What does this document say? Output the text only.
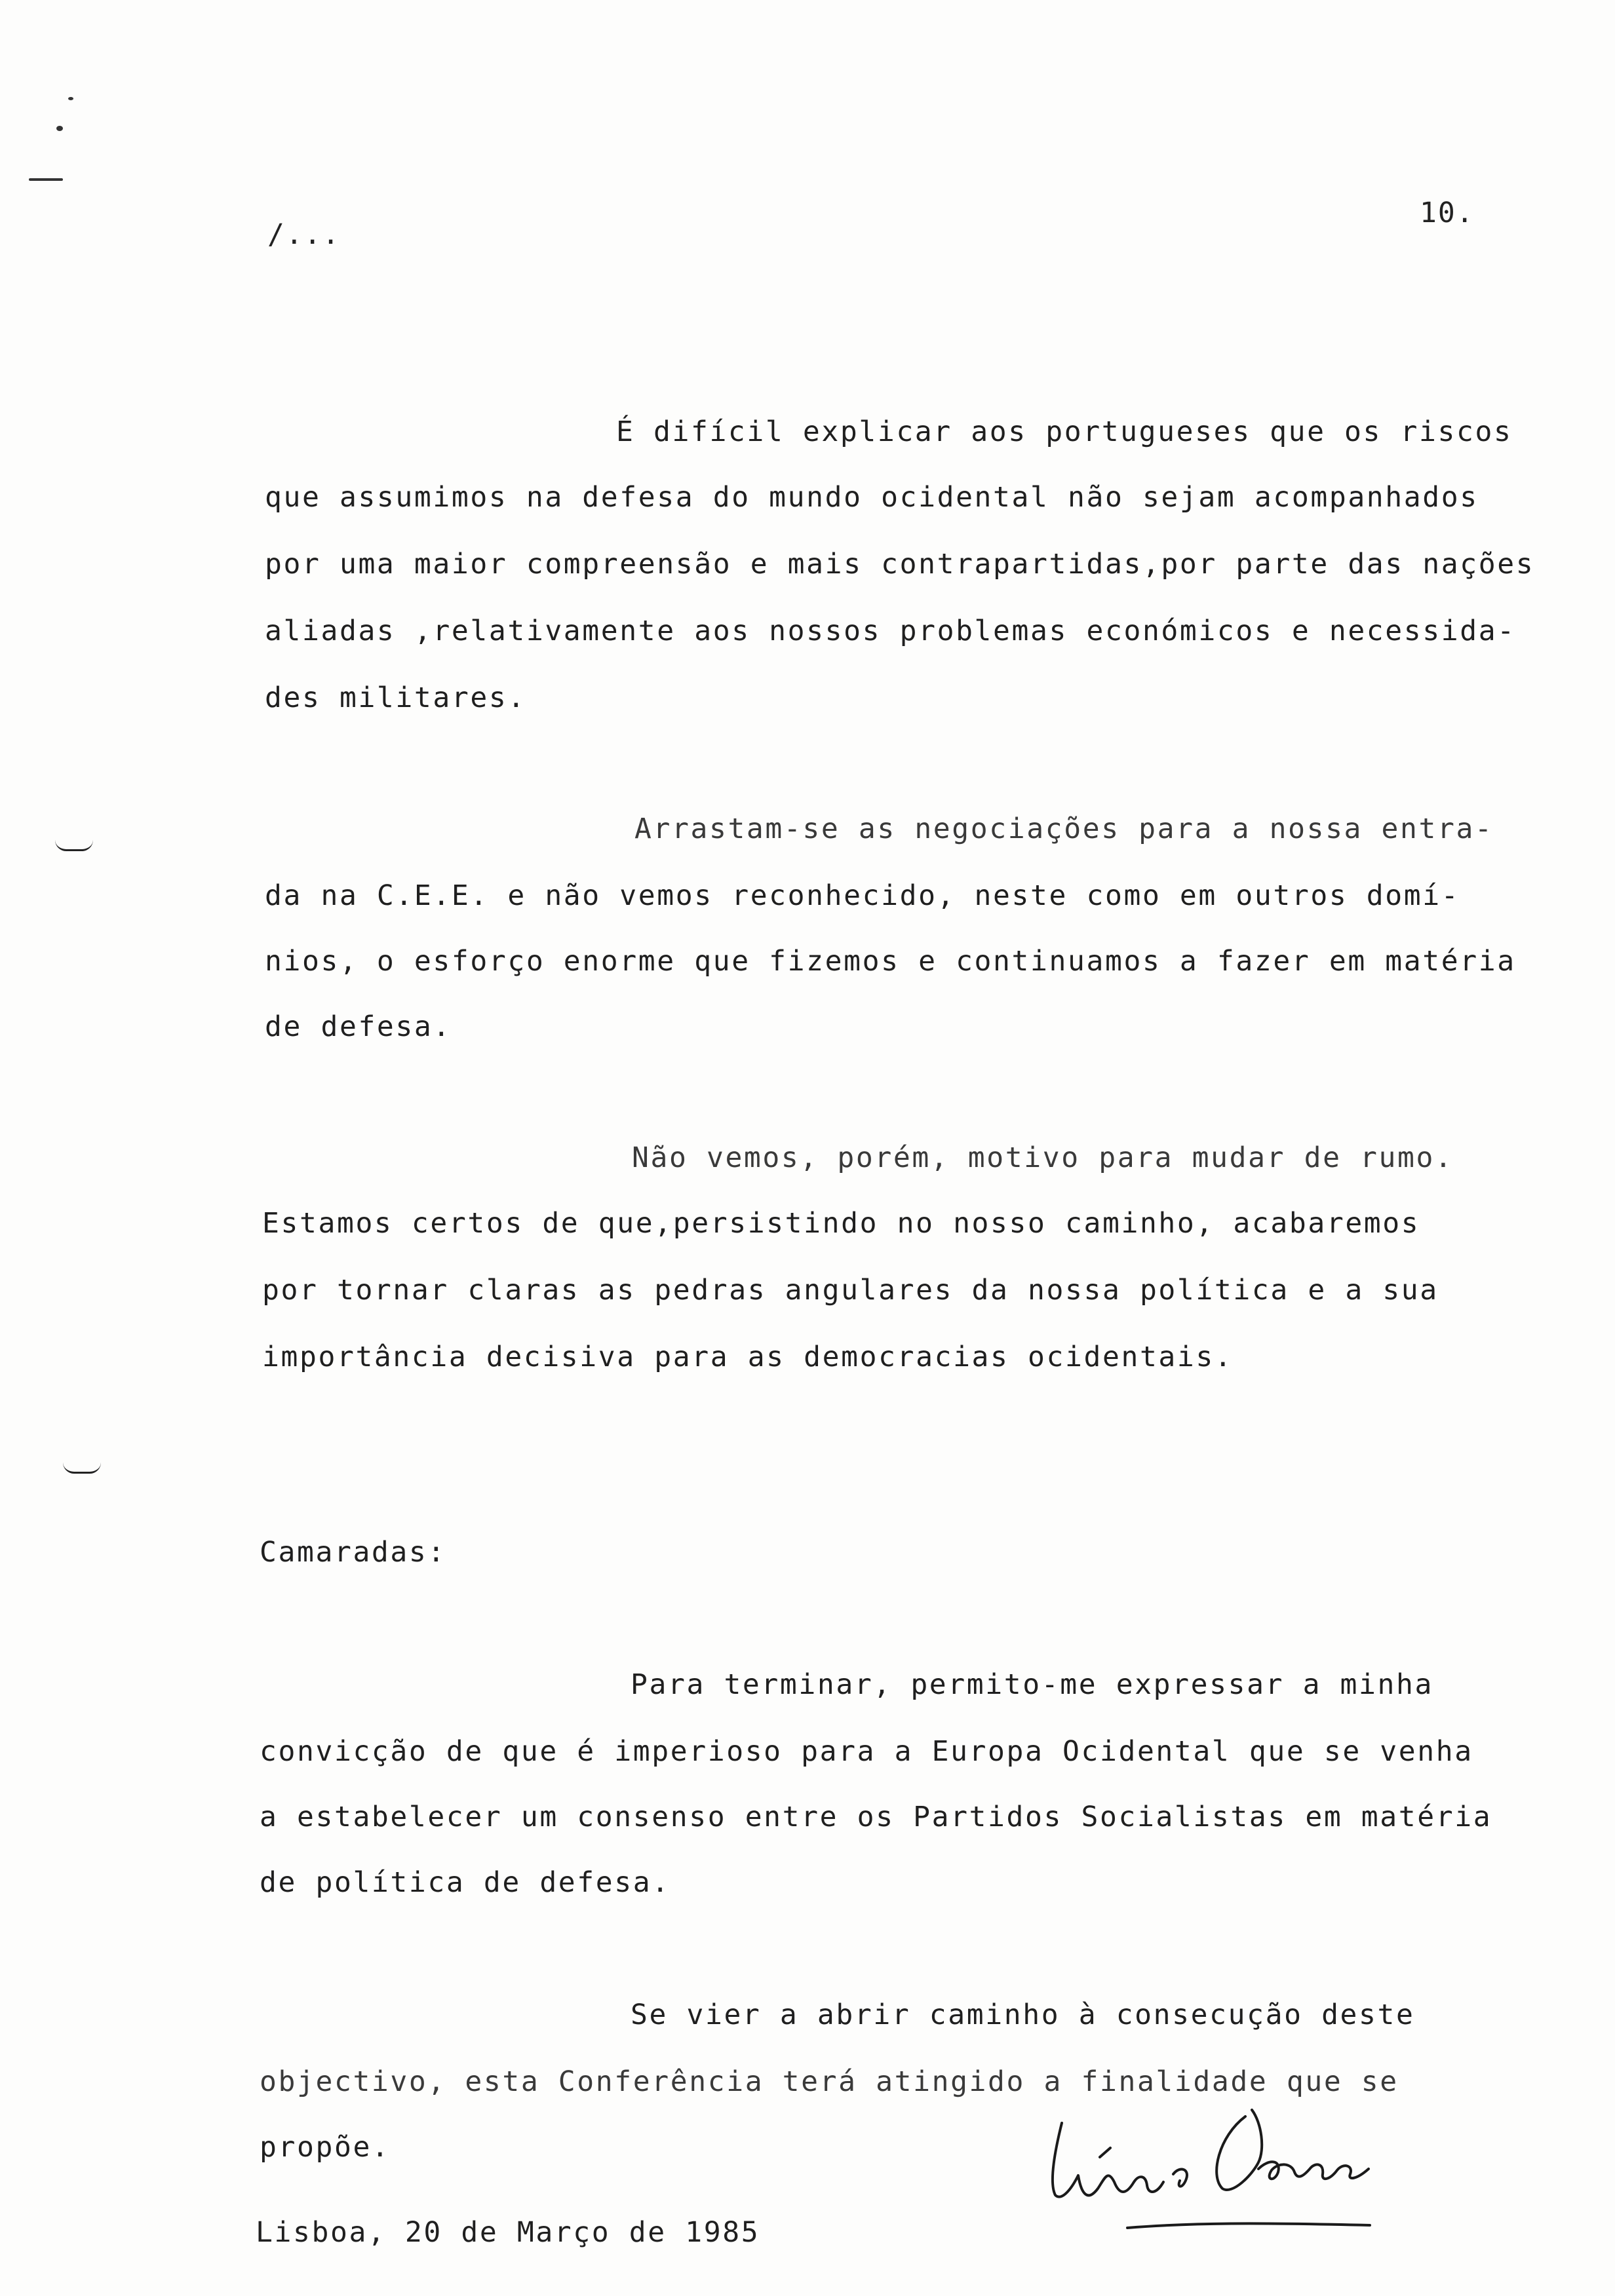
/...
10.
É difícil explicar aos portugueses que os riscos
que assumimos na defesa do mundo ocidental não sejam acompanhados
por uma maior compreensão e mais contrapartidas,por parte das nações
aliadas ,relativamente aos nossos problemas económicos e necessida-
des militares.
Arrastam-se as negociações para a nossa entra-
da na C.E.E. e não vemos reconhecido, neste como em outros domí-
nios, o esforço enorme que fizemos e continuamos a fazer em matéria
de defesa.
Não vemos, porém, motivo para mudar de rumo.
Estamos certos de que,persistindo no nosso caminho, acabaremos
por tornar claras as pedras angulares da nossa política e a sua
importância decisiva para as democracias ocidentais.
Camaradas:
Para terminar, permito-me expressar a minha
convicção de que é imperioso para a Europa Ocidental que se venha
a estabelecer um consenso entre os Partidos Socialistas em matéria
de política de defesa.
Se vier a abrir caminho à consecução deste
objectivo, esta Conferência terá atingido a finalidade que se
propõe.
Lisboa, 20 de Março de 1985
